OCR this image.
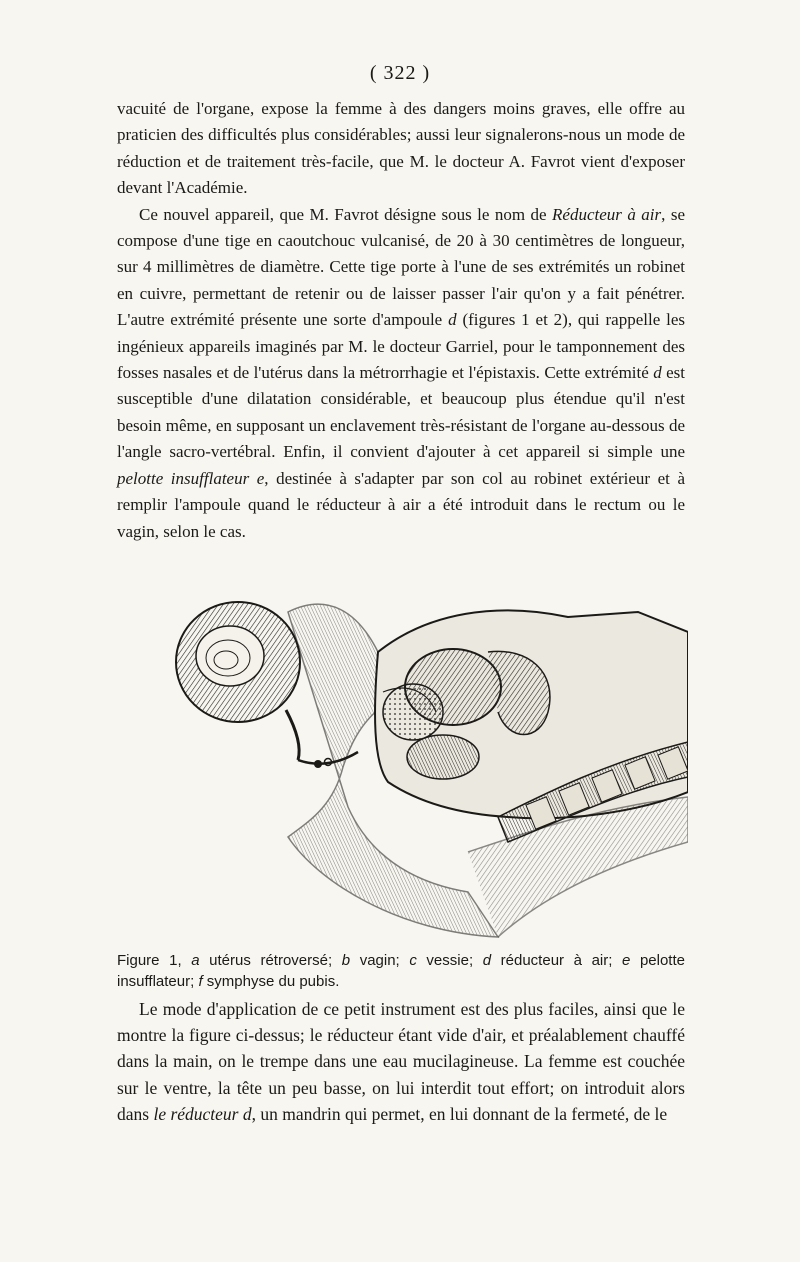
( 322 )

vacuité de l'organe, expose la femme à des dangers moins graves, elle offre au praticien des difficultés plus considérables; aussi leur signalerons-nous un mode de réduction et de traitement très-facile, que M. le docteur A. Favrot vient d'exposer devant l'Académie.

Ce nouvel appareil, que M. Favrot désigne sous le nom de Réducteur à air, se compose d'une tige en caoutchouc vulcanisé, de 20 à 30 centimètres de longueur, sur 4 millimètres de diamètre. Cette tige porte à l'une de ses extrémités un robinet en cuivre, permettant de retenir ou de laisser passer l'air qu'on y a fait pénétrer. L'autre extrémité présente une sorte d'ampoule d (figures 1 et 2), qui rappelle les ingénieux appareils imaginés par M. le docteur Garriel, pour le tamponnement des fosses nasales et de l'utérus dans la métrorrhagie et l'épistaxis. Cette extrémité d est susceptible d'une dilatation considérable, et beaucoup plus étendue qu'il n'est besoin même, en supposant un enclavement très-résistant de l'organe au-dessous de l'angle sacro-vertébral. Enfin, il convient d'ajouter à cet appareil si simple une pelotte insufflateur e, destinée à s'adapter par son col au robinet extérieur et à remplir l'ampoule quand le réducteur à air a été introduit dans le rectum ou le vagin, selon le cas.

Figure 1, a utérus rétroversé; b vagin; c vessie; d réducteur à air; e pelotte insufflateur; f symphyse du pubis.

Le mode d'application de ce petit instrument est des plus faciles, ainsi que le montre la figure ci-dessus; le réducteur étant vide d'air, et préalablement chauffé dans la main, on le trempe dans une eau mucilagineuse. La femme est couchée sur le ventre, la tête un peu basse, on lui interdit tout effort; on introduit alors dans le réducteur d, un mandrin qui permet, en lui donnant de la fermeté, de le
